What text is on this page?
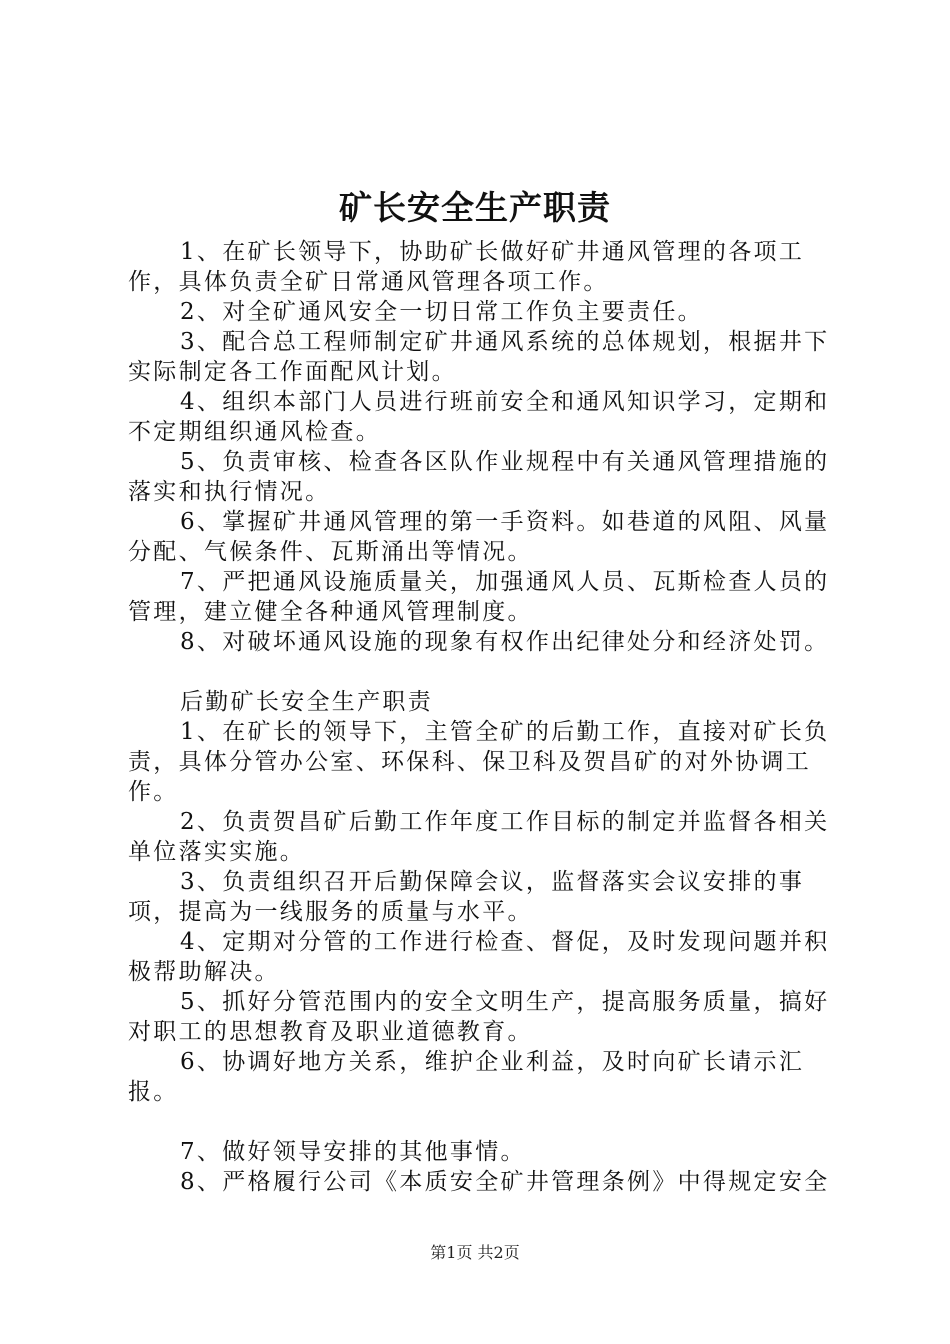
矿长安全生产职责

1、在矿长领导下，协助矿长做好矿井通风管理的各项工作，具体负责全矿日常通风管理各项工作。

2、对全矿通风安全一切日常工作负主要责任。

3、配合总工程师制定矿井通风系统的总体规划，根据井下实际制定各工作面配风计划。

4、组织本部门人员进行班前安全和通风知识学习，定期和不定期组织通风检查。

5、负责审核、检查各区队作业规程中有关通风管理措施的落实和执行情况。

6、掌握矿井通风管理的第一手资料。如巷道的风阻、风量分配、气候条件、瓦斯涌出等情况。

7、严把通风设施质量关，加强通风人员、瓦斯检查人员的管理，建立健全各种通风管理制度。

8、对破坏通风设施的现象有权作出纪律处分和经济处罚。

后勤矿长安全生产职责

1、在矿长的领导下，主管全矿的后勤工作，直接对矿长负责，具体分管办公室、环保科、保卫科及贺昌矿的对外协调工作。

2、负责贺昌矿后勤工作年度工作目标的制定并监督各相关单位落实实施。

3、负责组织召开后勤保障会议，监督落实会议安排的事项，提高为一线服务的质量与水平。

4、定期对分管的工作进行检查、督促，及时发现问题并积极帮助解决。

5、抓好分管范围内的安全文明生产，提高服务质量，搞好对职工的思想教育及职业道德教育。

6、协调好地方关系，维护企业利益，及时向矿长请示汇报。

7、做好领导安排的其他事情。

8、严格履行公司《本质安全矿井管理条例》中得规定安全

第1页 共2页
